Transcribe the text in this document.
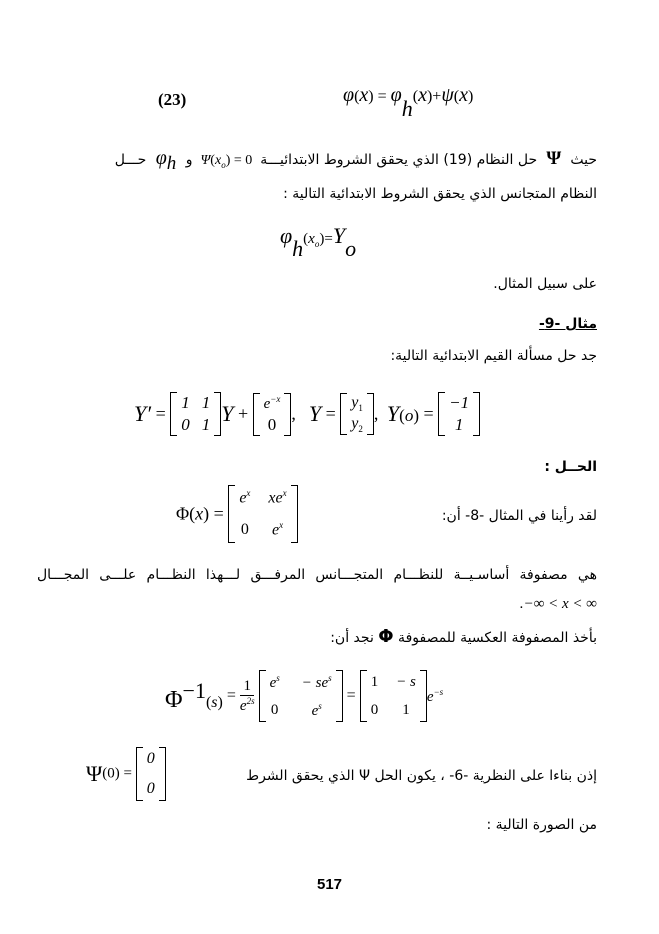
(23)	$\varphi(x) = \varphi_h(x)+\psi(x)$
حيث  Ψ  حل النظام (19) الذي يحقق الشروط الابتدائيـــة  $\Psi(x_o) = 0$  و  $\varphi_h$  حـــل
النظام المتجانس الذي يحقق الشروط الابتدائية التالية :
$\varphi_h(x_o)=Y_o$
على سبيل المثال.
مثال -9-
جد حل مسألة القيم الابتدائية التالية:
Y′ =
1 1
0 1 $Y + e^{-x}$
0
,   Y =
$y_1$
$y_2$
,  Y(o) =
−1
1
الحــل :
Φ(x) =
$e^x$ $xe^x$
0 $e^x$
لقد رأينا في المثال -8- أن:
هي مصفوفة أساسـيــة للنظـــام المتجـــانس المرفـــق لـــهذا النظـــام علـــى المجـــال
.−∞ < x < ∞
بأخذ المصفوفة العكسية للمصفوفة Φ نجد أن:
$\Phi^{-1}(s) = \frac{1}{e^{2s}}$
$e^s - se^s$
0 $e^s$
=
1 − s
0 1
$e^{-s}$
إذن بناءا على النظرية -6- ، يكون الحل Ψ الذي يحقق الشرط
Ψ(0) =
0
0
من الصورة التالية :
517
